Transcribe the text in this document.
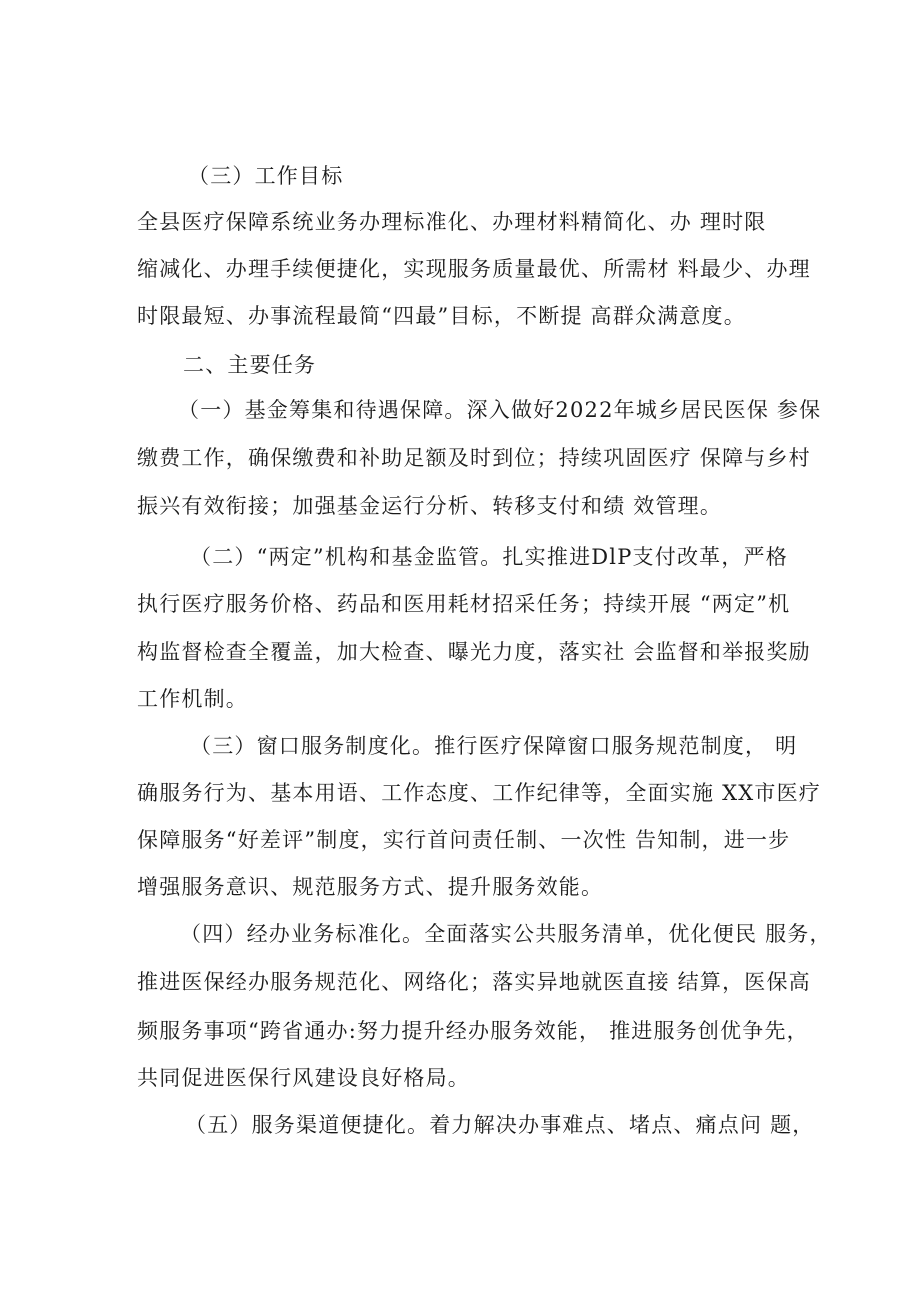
（三）工作目标
全县医疗保障系统业务办理标准化、办理材料精简化、办 理时限
缩减化、办理手续便捷化，实现服务质量最优、所需材 料最少、办理
时限最短、办事流程最简“四最”目标，不断提 高群众满意度。
二、主要任务
（一）基金筹集和待遇保障。深入做好2022年城乡居民医保 参保
缴费工作，确保缴费和补助足额及时到位；持续巩固医疗 保障与乡村
振兴有效衔接；加强基金运行分析、转移支付和绩 效管理。
（二）“两定”机构和基金监管。扎实推进DlP支付改革，严格
执行医疗服务价格、药品和医用耗材招采任务；持续开展 “两定”机
构监督检查全覆盖，加大检查、曝光力度，落实社 会监督和举报奖励
工作机制。
（三）窗口服务制度化。推行医疗保障窗口服务规范制度， 明
确服务行为、基本用语、工作态度、工作纪律等，全面实施 XX市医疗
保障服务“好差评”制度，实行首问责任制、一次性 告知制，进一步
增强服务意识、规范服务方式、提升服务效能。
（四）经办业务标准化。全面落实公共服务清单，优化便民 服务，
推进医保经办服务规范化、网络化；落实异地就医直接 结算，医保高
频服务事项“跨省通办:努力提升经办服务效能， 推进服务创优争先，
共同促进医保行风建设良好格局。
（五）服务渠道便捷化。着力解决办事难点、堵点、痛点问 题，
